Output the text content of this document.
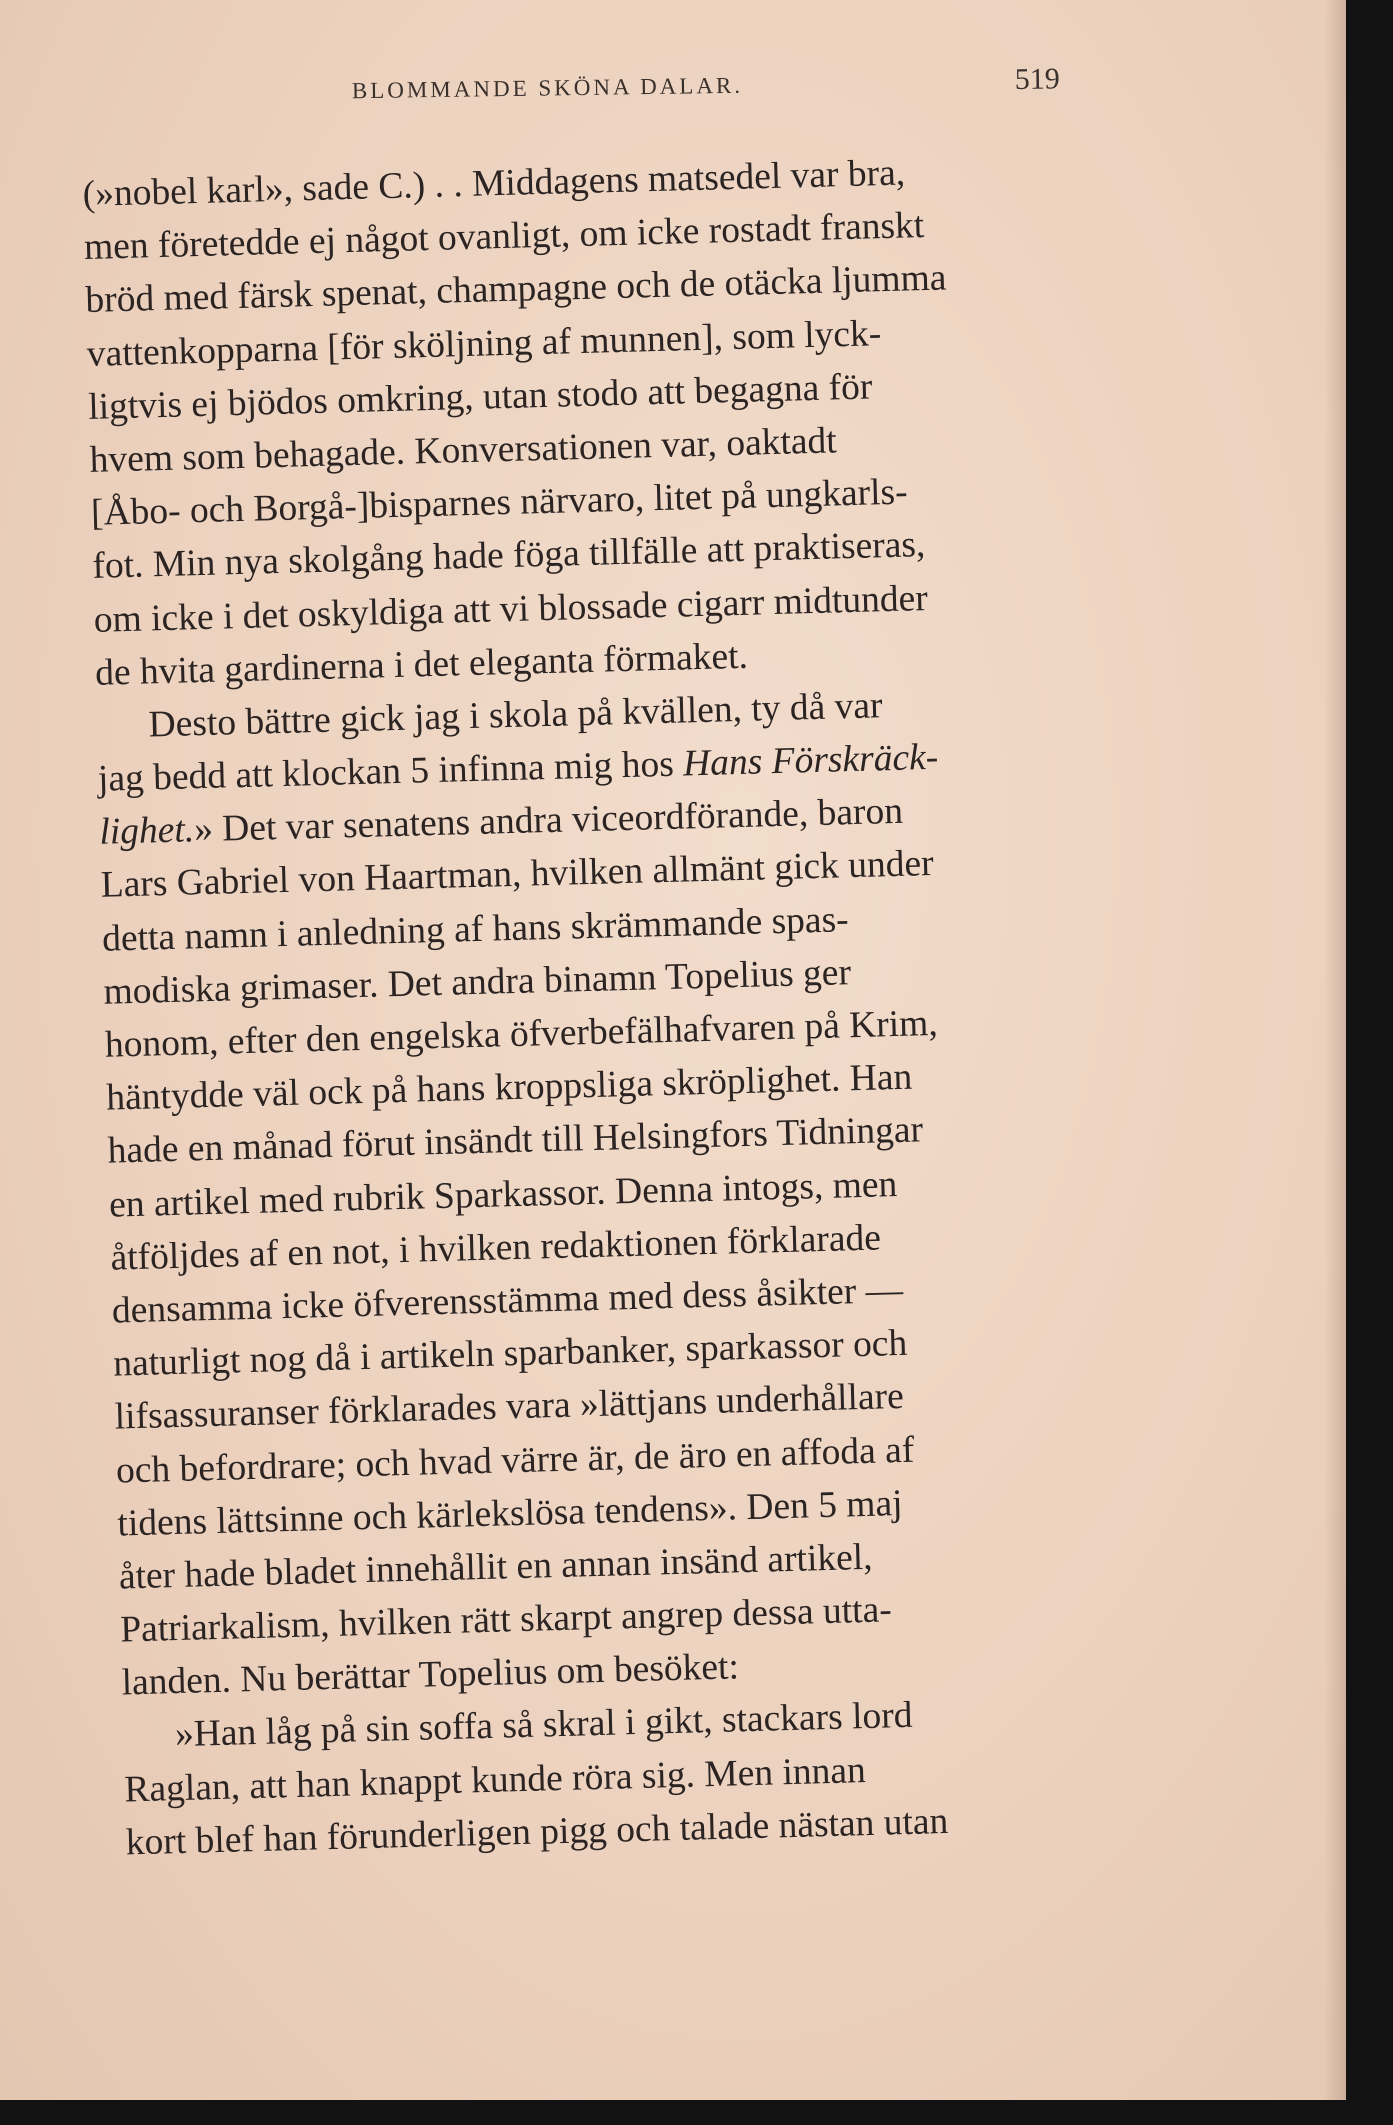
BLOMMANDE SKÖNA DALAR.	519
(»nobel karl», sade C.) . . Middagens matsedel var bra,
men företedde ej något ovanligt, om icke rostadt franskt
bröd med färsk spenat, champagne och de otäcka ljumma
vattenkopparna [för sköljning af munnen], som lyck-
ligtvis ej bjödos omkring, utan stodo att begagna för
hvem som behagade. Konversationen var, oaktadt
[Åbo- och Borgå-]bisparnes närvaro, litet på ungkarls-
fot. Min nya skolgång hade föga tillfälle att praktiseras,
om icke i det oskyldiga att vi blossade cigarr midtunder
de hvita gardinerna i det eleganta förmaket.
Desto bättre gick jag i skola på kvällen, ty då var
jag bedd att klockan 5 infinna mig hos Hans Förskräck-
lighet.» Det var senatens andra viceordförande, baron
Lars Gabriel von Haartman, hvilken allmänt gick under
detta namn i anledning af hans skrämmande spas-
modiska grimaser. Det andra binamn Topelius ger
honom, efter den engelska öfverbefälhafvaren på Krim,
häntydde väl ock på hans kroppsliga skröplighet. Han
hade en månad förut insändt till Helsingfors Tidningar
en artikel med rubrik Sparkassor. Denna intogs, men
åtföljdes af en not, i hvilken redaktionen förklarade
densamma icke öfverensstämma med dess åsikter —
naturligt nog då i artikeln sparbanker, sparkassor och
lifsassuranser förklarades vara »lättjans underhållare
och befordrare; och hvad värre är, de äro en affoda af
tidens lättsinne och kärlekslösa tendens». Den 5 maj
åter hade bladet innehållit en annan insänd artikel,
Patriarkalism, hvilken rätt skarpt angrep dessa utta-
landen. Nu berättar Topelius om besöket:
»Han låg på sin soffa så skral i gikt, stackars lord
Raglan, att han knappt kunde röra sig. Men innan
kort blef han förunderligen pigg och talade nästan utan
